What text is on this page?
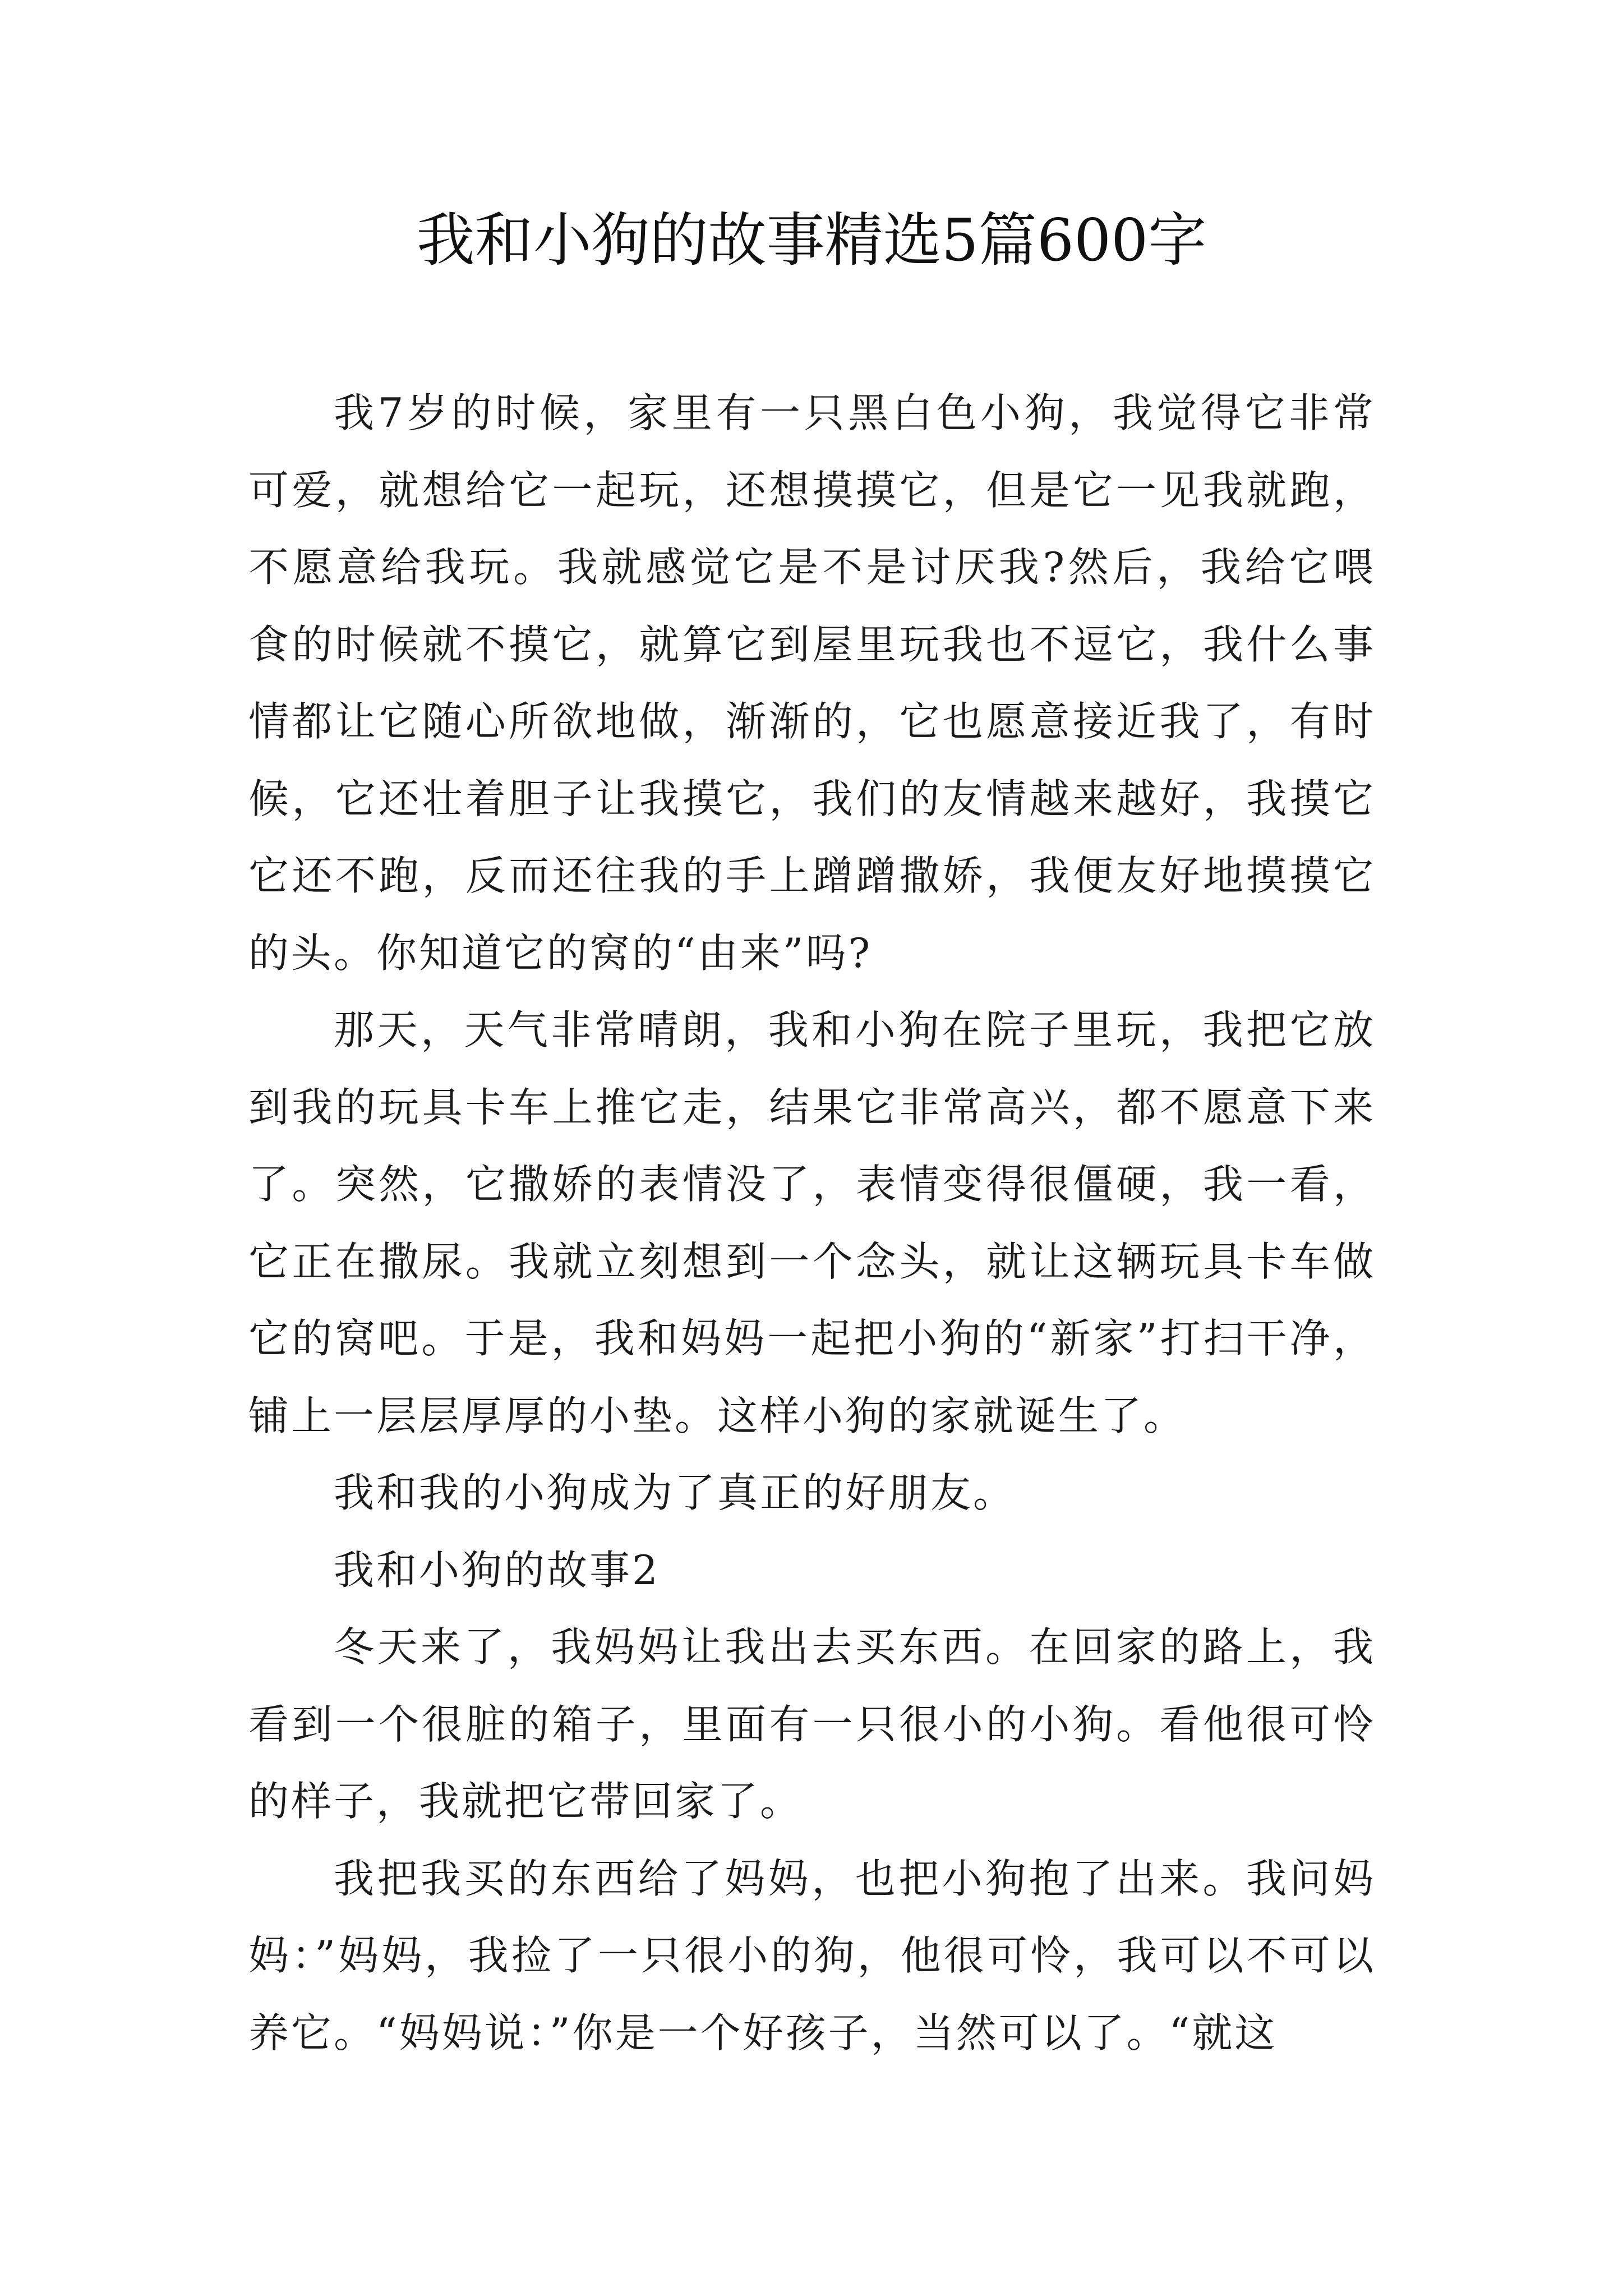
我和小狗的故事精选5篇600字

我7岁的时候，家里有一只黑白色小狗，我觉得它非常可爱，就想给它一起玩，还想摸摸它，但是它一见我就跑，不愿意给我玩。我就感觉它是不是讨厌我?然后，我给它喂食的时候就不摸它，就算它到屋里玩我也不逗它，我什么事情都让它随心所欲地做，渐渐的，它也愿意接近我了，有时候，它还壮着胆子让我摸它，我们的友情越来越好，我摸它它还不跑，反而还往我的手上蹭蹭撒娇，我便友好地摸摸它的头。你知道它的窝的“由来”吗?

那天，天气非常晴朗，我和小狗在院子里玩，我把它放到我的玩具卡车上推它走，结果它非常高兴，都不愿意下来了。突然，它撒娇的表情没了，表情变得很僵硬，我一看，它正在撒尿。我就立刻想到一个念头，就让这辆玩具卡车做它的窝吧。于是，我和妈妈一起把小狗的“新家”打扫干净，铺上一层层厚厚的小垫。这样小狗的家就诞生了。

我和我的小狗成为了真正的好朋友。

我和小狗的故事2

冬天来了，我妈妈让我出去买东西。在回家的路上，我看到一个很脏的箱子，里面有一只很小的小狗。看他很可怜的样子，我就把它带回家了。

我把我买的东西给了妈妈，也把小狗抱了出来。我问妈妈：”妈妈，我捡了一只很小的狗，他很可怜，我可以不可以养它。“妈妈说：”你是一个好孩子，当然可以了。“就这
